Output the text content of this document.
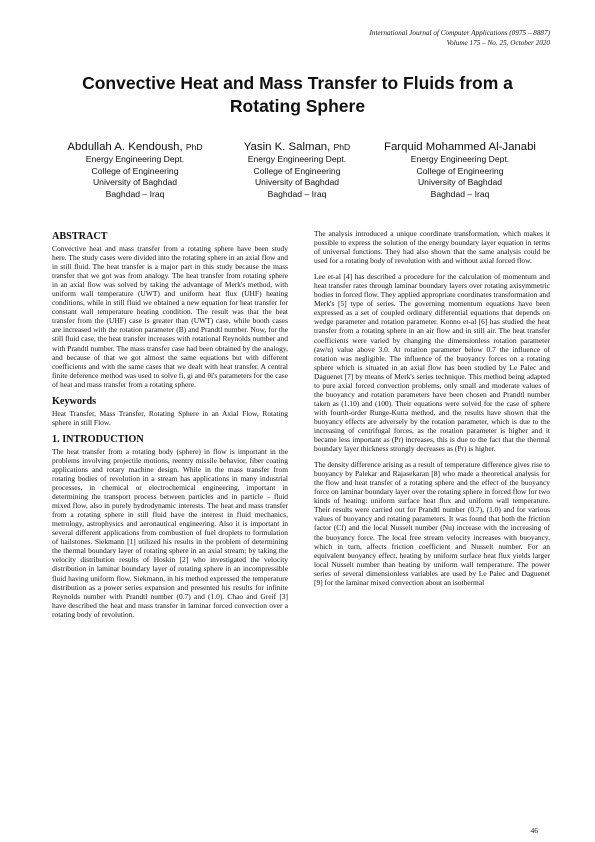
International Journal of Computer Applications (0975 – 8887)
Volume 175 – No. 25, October 2020
Convective Heat and Mass Transfer to Fluids from a Rotating Sphere
Abdullah A. Kendoush, PhD
Energy Engineering Dept.
College of Engineering
University of Baghdad
Baghdad – Iraq
Yasin K. Salman, PhD
Energy Engineering Dept.
College of Engineering
University of Baghdad
Baghdad – Iraq
Farquid Mohammed Al-Janabi
Energy Engineering Dept.
College of Engineering
University of Baghdad
Baghdad – Iraq
ABSTRACT

Convective heat and mass transfer from a rotating sphere have been study here. The study cases were divided into the rotating sphere in an axial flow and in still fluid. The heat transfer is a major part in this study because the mass transfer that we got was from analogy. The heat transfer from rotating sphere in an axial flow was solved by taking the advantage of Merk's method, with uniform wall temperature (UWT) and uniform heat flux (UHF) heating conditions, while in still fluid we obtained a new equation for heat transfer for constant wall temperature heating condition. The result was that the heat transfer from the (UHF) case is greater than (UWT) case, while booth cases are increased with the rotation parameter (B) and Prandtl number. Now, for the still fluid case, the heat transfer increases with rotational Reynolds number and with Prandtl number. The mass transfer case had been obtained by the analogy, and because of that we got almost the same equations but with different coefficients and with the same cases that we dealt with heat transfer. A central finite deference method was used to solve fi, gi and θi's parameters for the case of heat and mass transfer from a rotating sphere.

Keywords

Heat Transfer, Mass Transfer, Rotating Sphere in an Axial Flow, Rotating sphere in still Flow.

1. INTRODUCTION

The heat transfer from a rotating body (sphere) in flow is important in the problems involving projectile motions, reentry missile behavior, fiber coating applications and rotary machine design. While in the mass transfer from rotating bodies of revolution in a stream has applications in many industrial processes, in chemical or electrochemical engineering, important in determining the transport process between particles and in particle – fluid mixed flow, also in purely hydrodynamic interests. The heat and mass transfer from a rotating sphere in still fluid have the interest in fluid mechanics, metrology, astrophysics and aeronautical engineering. Also it is important in several different applications from combustion of fuel droplets to formulation of hailstones. Siekmann [1] utilized his results in the problem of determining the thermal boundary layer of rotating sphere in an axial stream; by taking the velocity distribution results of Hoskin [2] who investigated the velocity distribution in laminar boundary layer of rotating sphere in an incompressible fluid having uniform flow. Siekmann, in his method expressed the temperature distribution as a power series expansion and presented his results for infinite Reynolds number with Prandtl number (0.7) and (1.0). Chao and Greif [3] have described the heat and mass transfer in laminar forced convection over a rotating body of revolution.

The analysis introduced a unique coordinate transformation, which makes it possible to express the solution of the energy boundary layer equation in terms of universal functions. They had also shown that the same analysis could be used for a rotating body of revolution with and without axial forced flow.

Lee et-al [4] has described a procedure for the calculation of momentum and heat transfer rates through laminar boundary layers over rotating axisymmetric bodies in forced flow. They applied appropriate coordinates transformation and Merk's [5] type of series. The governing momentum equations have been expressed as a set of coupled ordinary differential equations that depends on wedge parameter and rotation parameter. Konno et-al [6] has studied the heat transfer from a rotating sphere in an air flow and in still air. The heat transfer coefficients were varied by changing the dimensionless rotation parameter (aw/u) value above 3.0. At rotation parameter below 0.7 the influence of rotation was negligible. The influence of the buoyancy forces on a rotating sphere which is situated in an axial flow has been studied by Le Palec and Daguenet [7] by means of Merk's series technique. This method being adapted to pure axial forced convection problems, only small and moderate values of the buoyancy and rotation parameters have been chosen and Prandtl number taken as (1.10) and (100). Their equations were solved for the case of sphere with fourth-order Runge-Kutta method, and the results have shown that the buoyancy effects are adversely by the rotation parameter, which is due to the increasing of centrifugal forces, as the rotation parameter is higher and it became less important as (Pr) increases, this is due to the fact that the thermal boundary layer thickness strongly decreases as (Pr) is higher.

The density difference arising as a result of temperature difference gives rise to buoyancy by Palekar and Rajasekaran [8] who made a theoretical analysis for the flow and heat transfer of a rotating sphere and the effect of the buoyancy force on laminar boundary layer over the rotating sphere in forced flow for two kinds of heating: uniform surface heat flux and uniform wall temperature. Their results were carried out for Prandtl number (0.7), (1.0) and for various values of buoyancy and rotating parameters. It was found that both the friction factor (Cf) and the local Nusselt number (Nu) increase with the increasing of the buoyancy force. The local free stream velocity increases with buoyancy, which in turn, affects friction coefficient and Nusselt number. For an equivalent buoyancy effect, heating by uniform surface heat flux yields larger local Nusselt number than heating by uniform wall temperature. The power series of several dimensionless variables are used by Le Palec and Daguenet [9] for the laminar mixed convection about an isothermal

46
